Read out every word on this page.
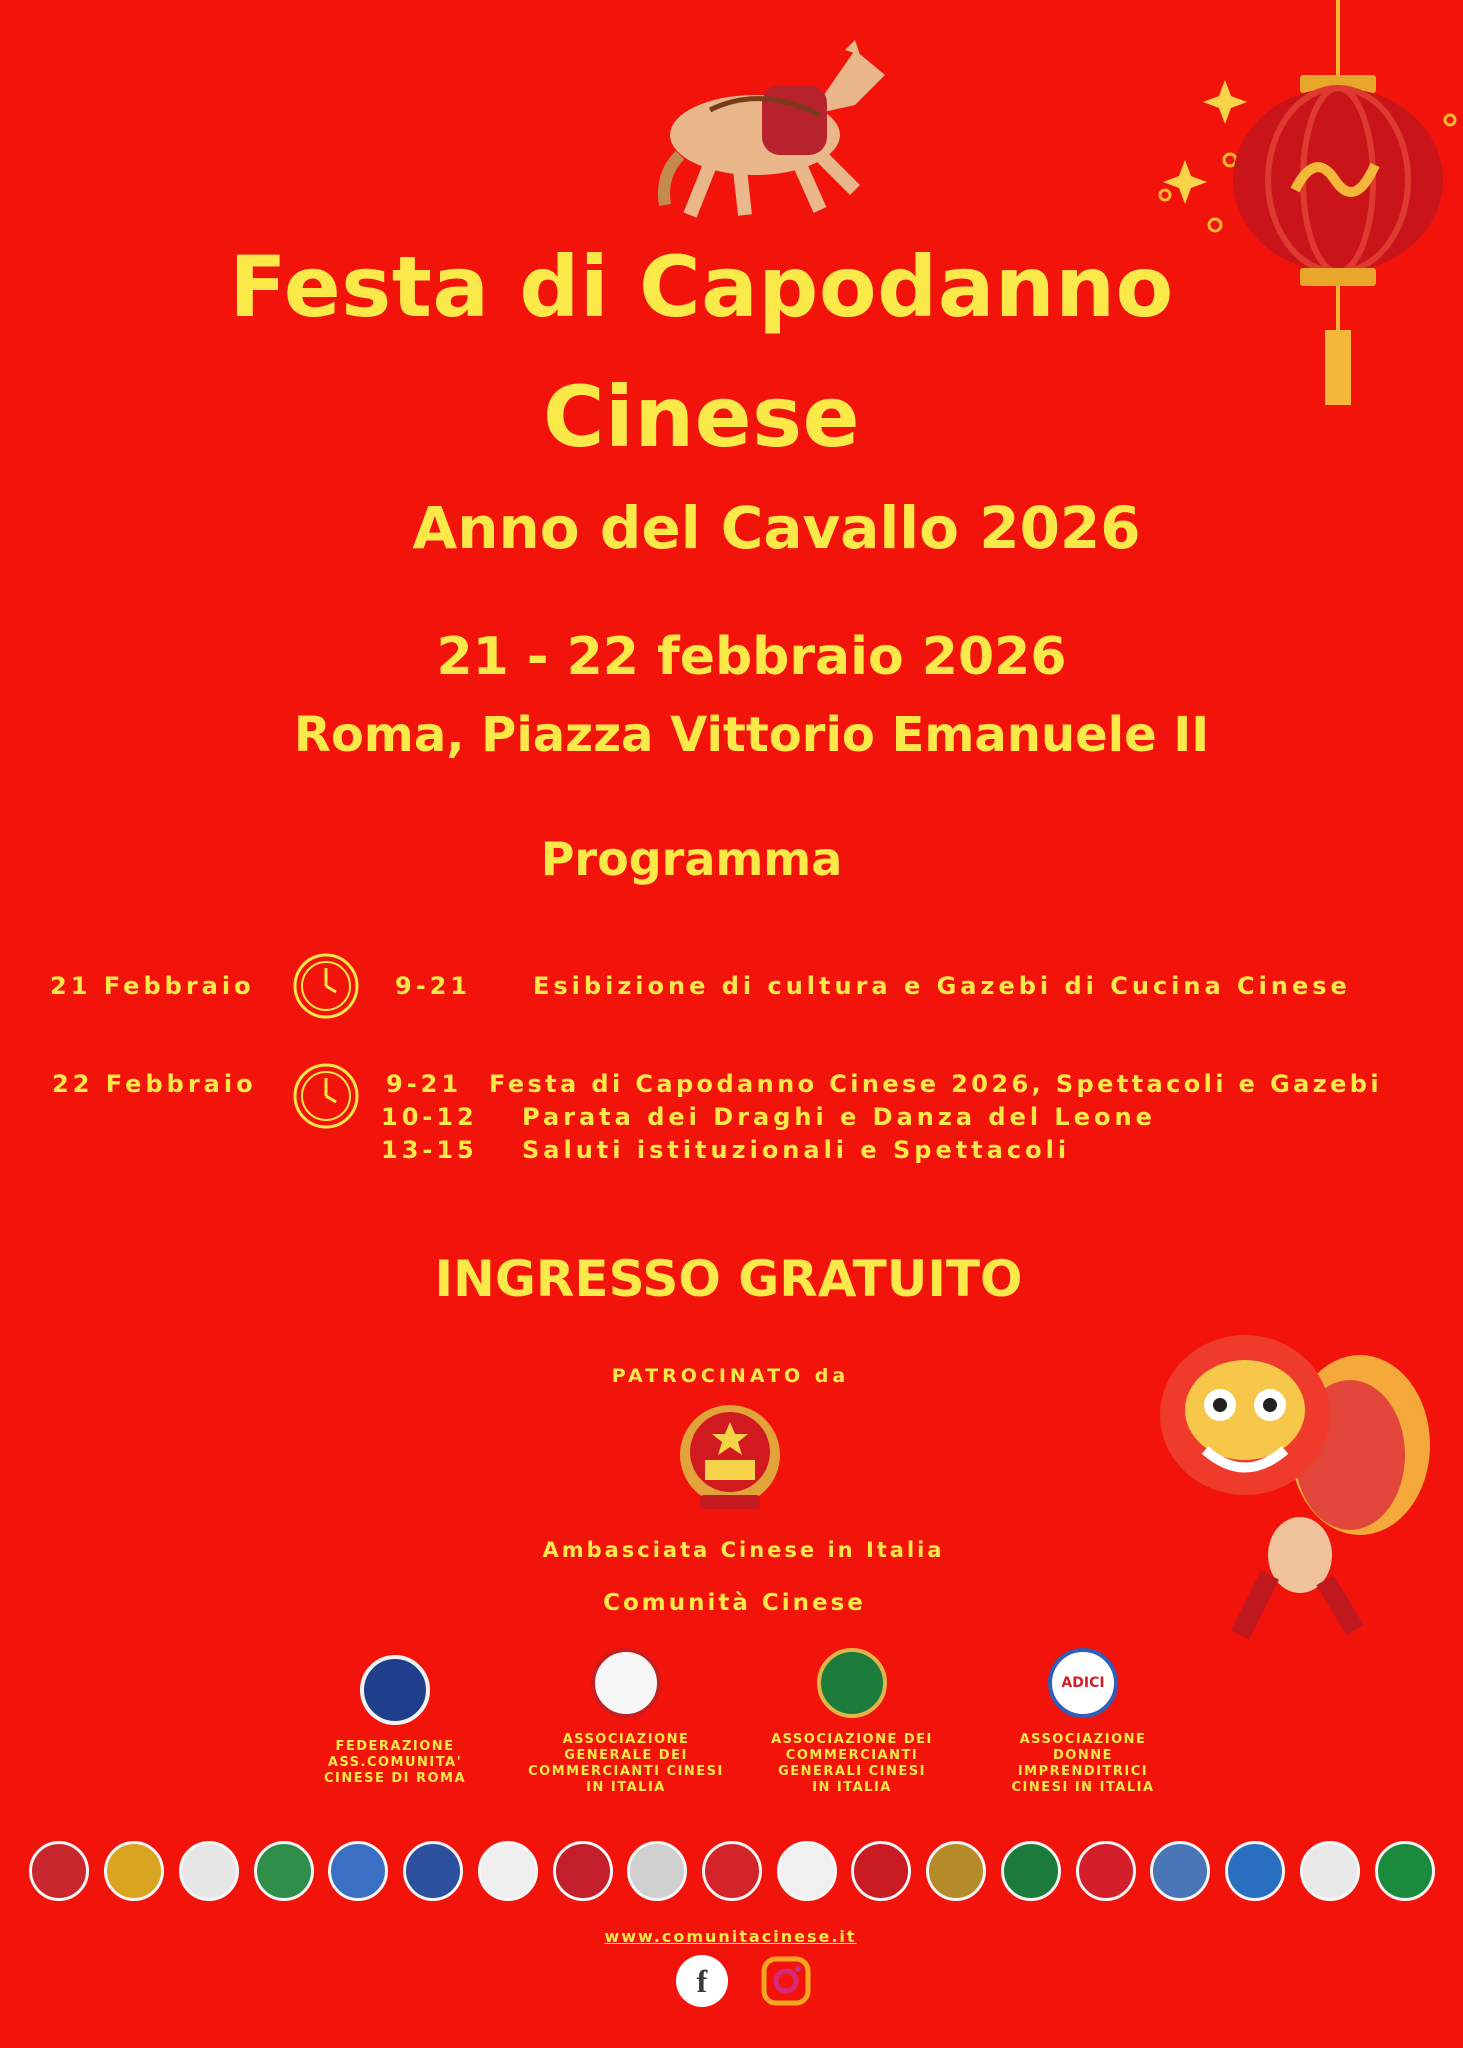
Festa di Capodanno
Cinese
Anno del Cavallo 2026
21 - 22 febbraio 2026
Roma, Piazza Vittorio Emanuele II
Programma
21 Febbraio	9-21	Esibizione di cultura e Gazebi di Cucina Cinese
22 Febbraio	9-21 Festa di Capodanno Cinese 2026, Spettacoli e Gazebi
10-12 Parata dei Draghi e Danza del Leone
13-15 Saluti istituzionali e Spettacoli
INGRESSO GRATUITO
PATROCINATO da
Ambasciata Cinese in Italia
Comunità Cinese
FEDERAZIONE
ASS.COMUNITA'
CINESE DI ROMA
ASSOCIAZIONE
GENERALE DEI
COMMERCIANTI CINESI
IN ITALIA
ASSOCIAZIONE DEI
COMMERCIANTI
GENERALI CINESI
IN ITALIA
ADICI
ASSOCIAZIONE
DONNE
IMPRENDITRICI
CINESI IN ITALIA
www.comunitacinese.it
f
